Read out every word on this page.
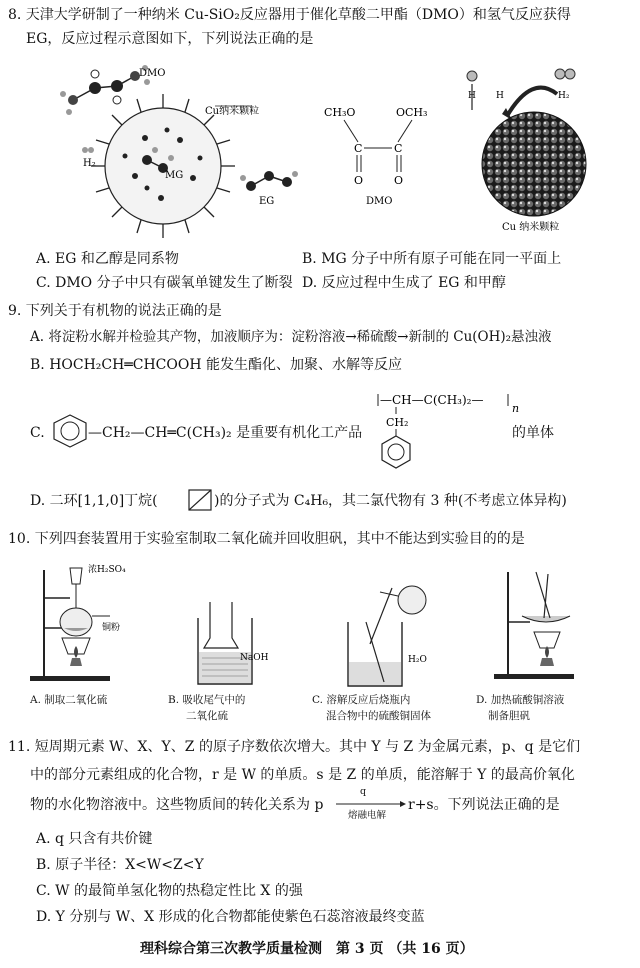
8. 天津大学研制了一种纳米 Cu-SiO₂反应器用于催化草酸二甲酯（DMO）和氢气反应获得
EG，反应过程示意图如下，下列说法正确的是
DMO
Cu纳米颗粒
H₂
MG
EG
CH₃O	OCH₃
C	C
O	O
DMO
H	H₂
H
Cu 纳米颗粒
A. EG 和乙醇是同系物	B. MG 分子中所有原子可能在同一平面上
C. DMO 分子中只有碳氧单键发生了断裂 D. 反应过程中生成了 EG 和甲醇
9. 下列关于有机物的说法正确的是
A. 将淀粉水解并检验其产物，加液顺序为：淀粉溶液→稀硫酸→新制的 Cu(OH)₂悬浊液
B. HOCH₂CH═CHCOOH 能发生酯化、加聚、水解等反应
C.	—CH₂—CH═C(CH₃)₂ 是重要有机化工产品
—CH—C(CH₃)₂—
n
CH₂
的单体
D. 二环[1,1,0]丁烷(	)的分子式为 C₄H₆，其二氯代物有 3 种(不考虑立体异构)
10. 下列四套装置用于实验室制取二氧化硫并回收胆矾，其中不能达到实验目的的是
浓H₂SO₄
铜粉
NaOH	H₂O
A. 制取二氧化硫	B. 吸收尾气中的
二氧化硫
C. 溶解反应后烧瓶内
混合物中的硫酸铜固体
D. 加热硫酸铜溶液
制备胆矾
11. 短周期元素 W、X、Y、Z 的原子序数依次增大。其中 Y 与 Z 为金属元素，p、q 是它们
中的部分元素组成的化合物，r 是 W 的单质。s 是 Z 的单质，能溶解于 Y 的最高价氧化
物的水化物溶液中。这些物质间的转化关系为 p
q
熔融电解
r+s。下列说法正确的是
A. q 只含有共价键
B. 原子半径：X<W<Z<Y
C. W 的最简单氢化物的热稳定性比 X 的强
D. Y 分别与 W、X 形成的化合物都能使紫色石蕊溶液最终变蓝
理科综合第三次教学质量检测　第 3 页 （共 16 页）
